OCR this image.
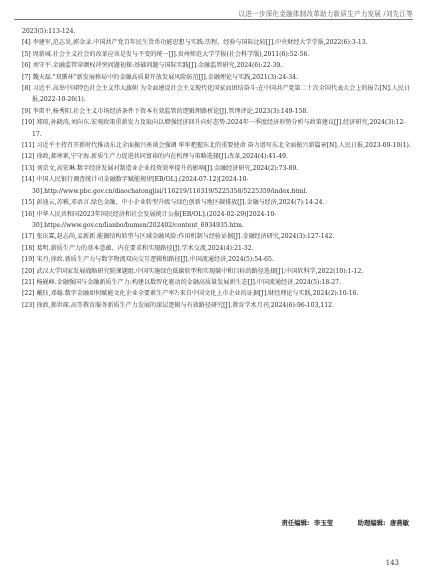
以进一步深化金融体制改革助力新质生产力发展 /刘先江等

2023(5):113-124.

[4] 李建军,范志昊,郭金录.中国共产党百年民生货币功能思想与实践:历程、经验与国际比较[J].中央财经大学学报,2022(6):3-13.

[5] 周新城.社会主义社会的改革应该是发与不变的统一[J].贵州师范大学学报(社会科学版),2011(6):52-56.

[6] 刘守平.金融监管穿颜权冲突问题初探:基础问题与国际实践[J].金融监管研究,2024(6):22-39.

[7] 魏天磊."双循环"新发展格局中的金融高质量开放发展风险防范[J].金融理论与实践,2021(3):24-34.

[8] 习近平.高举中国特色社会主义伟大旗帜 为全面建设社会主义现代化国家而团结奋斗:在中国共产党第二十次全国代表大会上的报告[N].人民日报,2022-10-26(1).

[9] 李雷平,杨秀阳.社会主义市场经济条件下资本有效监管的逻辑理路析论[J].管理评论,2023(3):149-158.

[10] 郑琼,孙晓涛,刘向东.宏观政策重新发力及取向以增强经济回升向好态势:2024年一季度经济形势分析与政策建议[J].经济研究,2024(3):12-17.

[11] 习近平主持召开新时代推动东北全面振兴座谈会强调 牢牢把握东北的重要使命 奋力谱写东北全面振兴新篇章[N].人民日报,2023-09-10(1).

[12] 徐政,郝寒素,宁守海.新质生产力促进共同富裕的内在机理与策略选择[J].改革,2024(4):41-49.

[13] 刘京文,高宏琳.数字经济发展对制造业企业投资效率提升的影响[J].金融经济研究,2024(2):73-89.

[14] 中国人民银行调查统计司金融数字赋能规律[EB/OL].(2024-07-12)[2024-10-30].http://www.pbc.gov.cn/diaochatongjisi/116219/116319/5225358/5225359/index.html.

[15] 彭迪云,苏雅,邓语言.绿色金融、中小企业转型升级与绿色创新与地区碳排放[J].金融与经济,2024(7):14-24.

[16] 中华人民共和国2023年国民经济和社会发展统计公报[EB/OL].(2024-02-29)[2024-10-30].https://www.gov.cn/lianbo/bumen/202402/content_6934935.htm.

[17] 张庆霖,赵志尚,孟新新.能源结构转型与区域金融风险:作用机制与经验证据[J].金融经济研究,2024(3):127-142.

[18] 葛明.新质生产力的基本意蕴、内在要求和实现路径[J].学术交流,2024(4):21-32.

[19] 宋丹,徐政.新质生产力与数字物流双向交互逻辑和路径[J].中国流通经济,2024(5):54-65.

[20] 武汉大学国家发展战略研究院课题组.中国实施绿色低碳转型和实现碳中和目标的路径选择[J].中国软科学,2022(10):1-12.

[21] 杨砚峰.金融强国与金融新质生产力:构建以数智化驱动的金融高质量发展新生态[J].中国流通经济,2024(5):18-27.

[22] 戴钰,邓翰.数字金融如何赋能文化企业全要素生产率?:来自中国文化上市企业的证据[J].财经理论与实践,2024(2):10-16.

[23] 徐政,郝世琛.高等教育服务新质生产力发展的深层逻辑与有效路径研究[J].教育学术月刊,2024(6):96-103,112.

责任编辑: 李玉莹	助理编辑: 唐燕敏
143
